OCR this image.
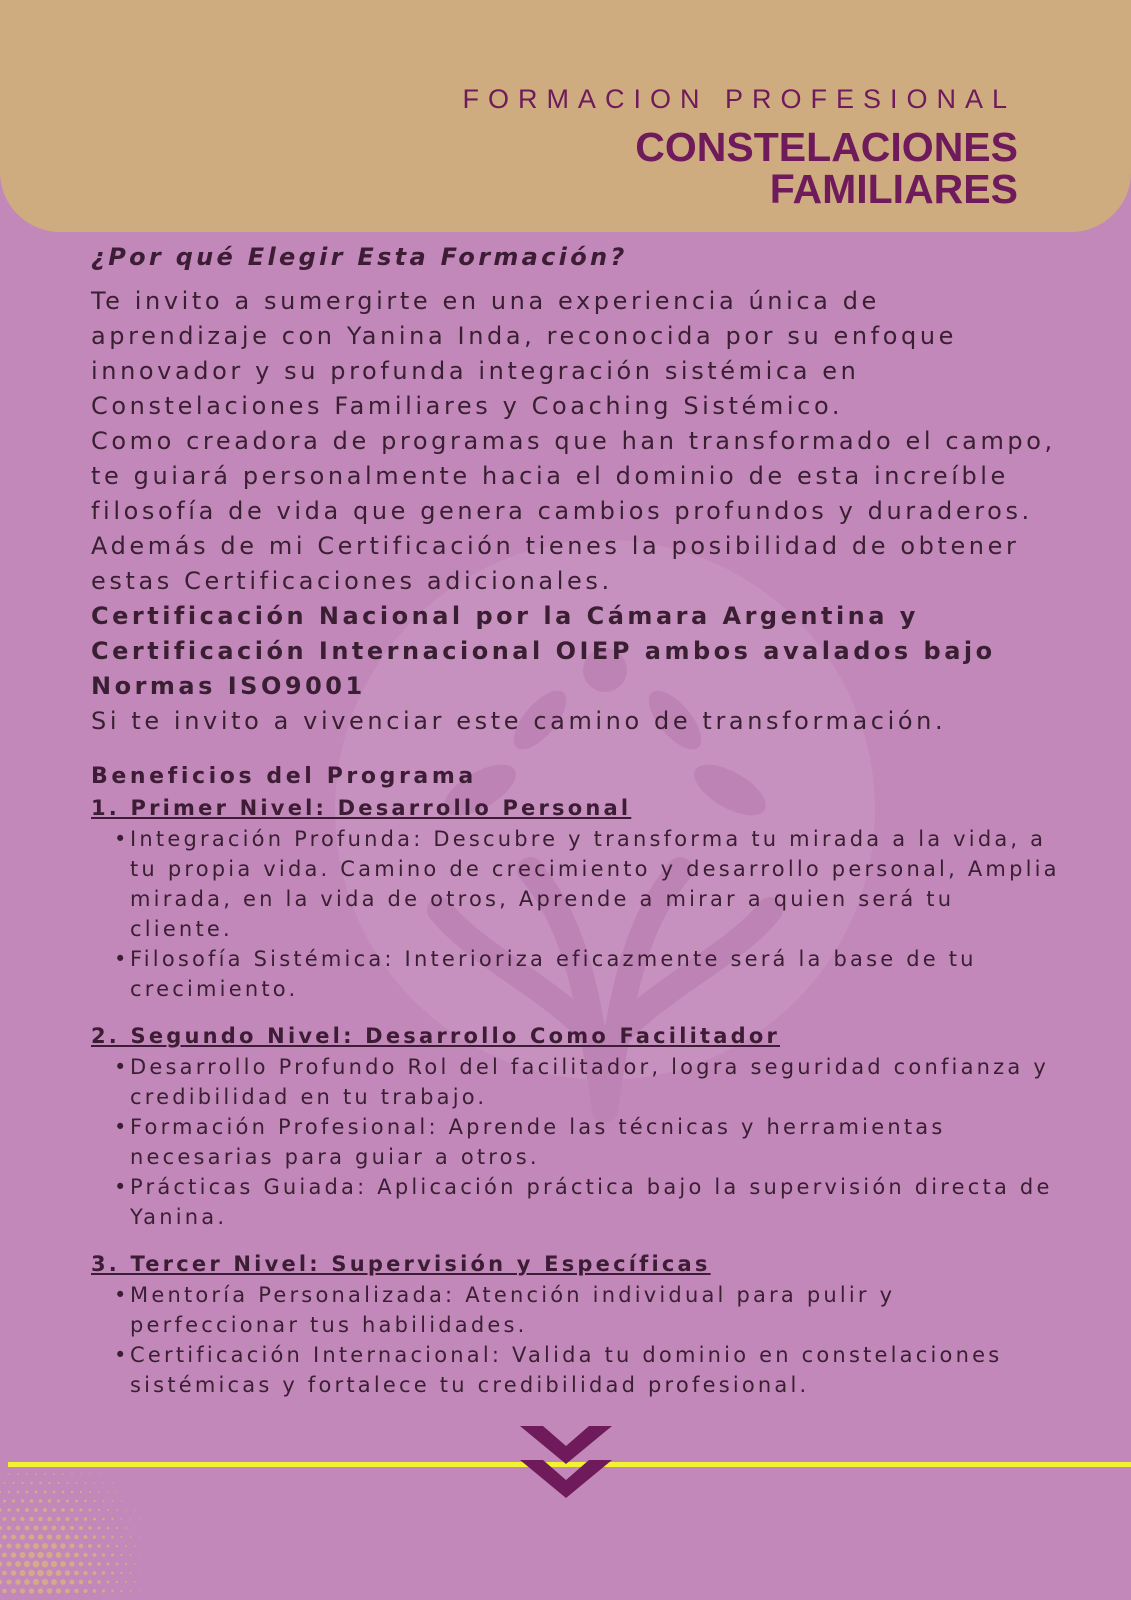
FORMACION PROFESIONAL
CONSTELACIONES
FAMILIARES
¿Por qué Elegir Esta Formación?

Te invito a sumergirte en una experiencia única de aprendizaje con Yanina Inda, reconocida por su enfoque innovador y su profunda integración sistémica en Constelaciones Familiares y Coaching Sistémico.

Como creadora de programas que han transformado el campo, te guiará personalmente hacia el dominio de esta increíble filosofía de vida que genera cambios profundos y duraderos. Además de mi Certificación tienes la posibilidad de obtener estas Certificaciones adicionales.

Certificación Nacional por la Cámara Argentina y Certificación Internacional OIEP ambos avalados bajo Normas ISO9001

Si te invito a vivenciar este camino de transformación.

Beneficios del Programa
1. Primer Nivel: Desarrollo Personal
• Integración Profunda: Descubre y transforma tu mirada a la vida, a tu propia vida. Camino de crecimiento y desarrollo personal, Amplia mirada, en la vida de otros, Aprende a mirar a quien será tu cliente.
• Filosofía Sistémica: Interioriza eficazmente será la base de tu crecimiento.
2. Segundo Nivel: Desarrollo Como Facilitador
• Desarrollo Profundo Rol del facilitador, logra seguridad confianza y credibilidad en tu trabajo.
• Formación Profesional: Aprende las técnicas y herramientas necesarias para guiar a otros.
• Prácticas Guiada: Aplicación práctica bajo la supervisión directa de Yanina.
3. Tercer Nivel: Supervisión y Específicas
• Mentoría Personalizada: Atención individual para pulir y perfeccionar tus habilidades.
• Certificación Internacional: Valida tu dominio en constelaciones sistémicas y fortalece tu credibilidad profesional.
